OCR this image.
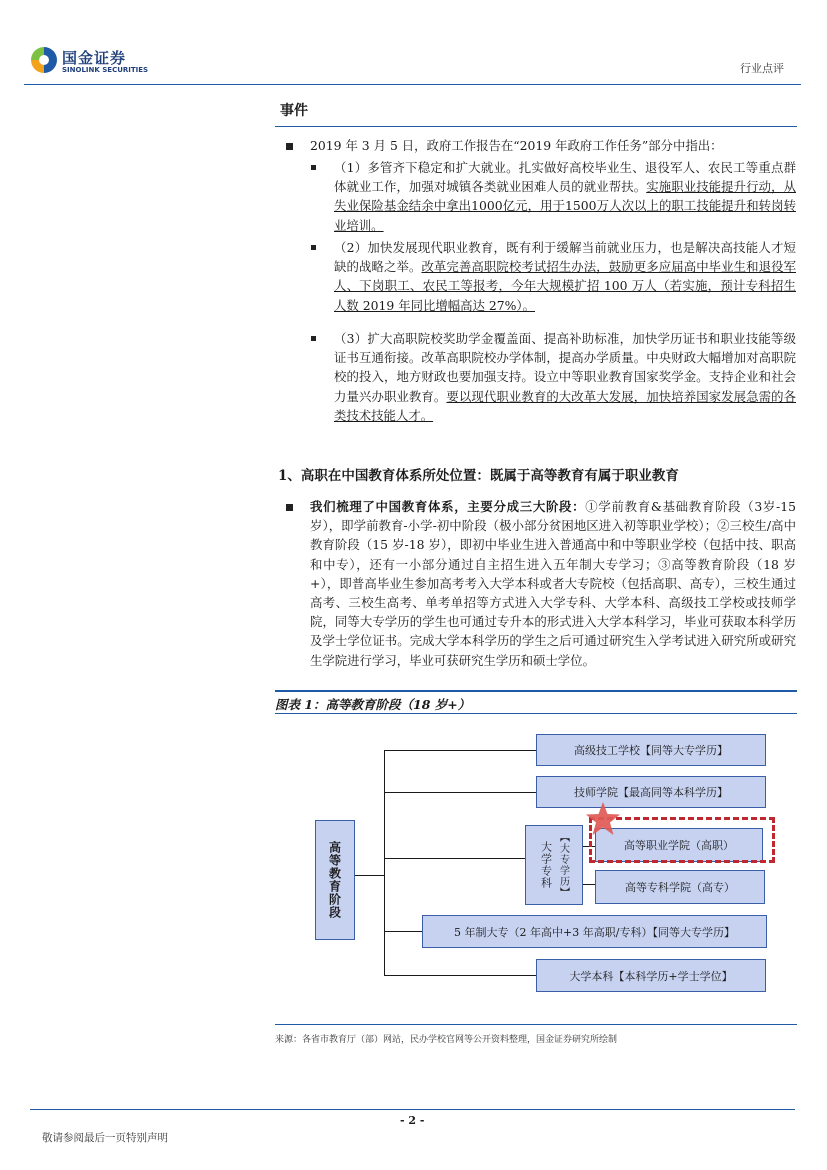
国金证券
SINOLINK SECURITIES	行业点评
事件
2019 年 3 月 5 日，政府工作报告在“2019 年政府工作任务”部分中指出：
（1）多管齐下稳定和扩大就业。扎实做好高校毕业生、退役军人、农民工等重点群体就业工作，加强对城镇各类就业困难人员的就业帮扶。实施职业技能提升行动，从失业保险基金结余中拿出1000亿元，用于1500万人次以上的职工技能提升和转岗转业培训。
（2）加快发展现代职业教育，既有利于缓解当前就业压力，也是解决高技能人才短缺的战略之举。改革完善高职院校考试招生办法，鼓励更多应届高中毕业生和退役军人、下岗职工、农民工等报考，今年大规模扩招 100 万人（若实施，预计专科招生人数 2019 年同比增幅高达 27%）。
（3）扩大高职院校奖助学金覆盖面、提高补助标准，加快学历证书和职业技能等级证书互通衔接。改革高职院校办学体制，提高办学质量。中央财政大幅增加对高职院校的投入，地方财政也要加强支持。设立中等职业教育国家奖学金。支持企业和社会力量兴办职业教育。要以现代职业教育的大改革大发展，加快培养国家发展急需的各类技术技能人才。
1、高职在中国教育体系所处位置：既属于高等教育有属于职业教育
我们梳理了中国教育体系，主要分成三大阶段：①学前教育&基础教育阶段（3岁-15岁），即学前教育-小学-初中阶段（极小部分贫困地区进入初等职业学校）；②三校生/高中教育阶段（15 岁-18 岁），即初中毕业生进入普通高中和中等职业学校（包括中技、职高和中专），还有一小部分通过自主招生进入五年制大专学习；③高等教育阶段（18 岁+），即普高毕业生参加高考考入大学本科或者大专院校（包括高职、高专），三校生通过高考、三校生高考、单考单招等方式进入大学专科、大学本科、高级技工学校或技师学院，同等大专学历的学生也可通过专升本的形式进入大学本科学习，毕业可获取本科学历及学士学位证书。完成大学本科学历的学生之后可通过研究生入学考试进入研究所或研究生学院进行学习，毕业可获研究生学历和硕士学位。
图表 1：高等教育阶段（18 岁+）
高等教育阶段
高级技工学校【同等大专学历】
技师学院【最高同等本科学历】
大学专科 【大专学历】	高等职业学院（高职）
高等专科学院（高专）
5 年制大专（2 年高中+3 年高职/专科）【同等大专学历】
大学本科【本科学历+学士学位】
来源：各省市教育厅（部）网站，民办学校官网等公开资料整理，国金证券研究所绘制
- 2 -
敬请参阅最后一页特别声明
